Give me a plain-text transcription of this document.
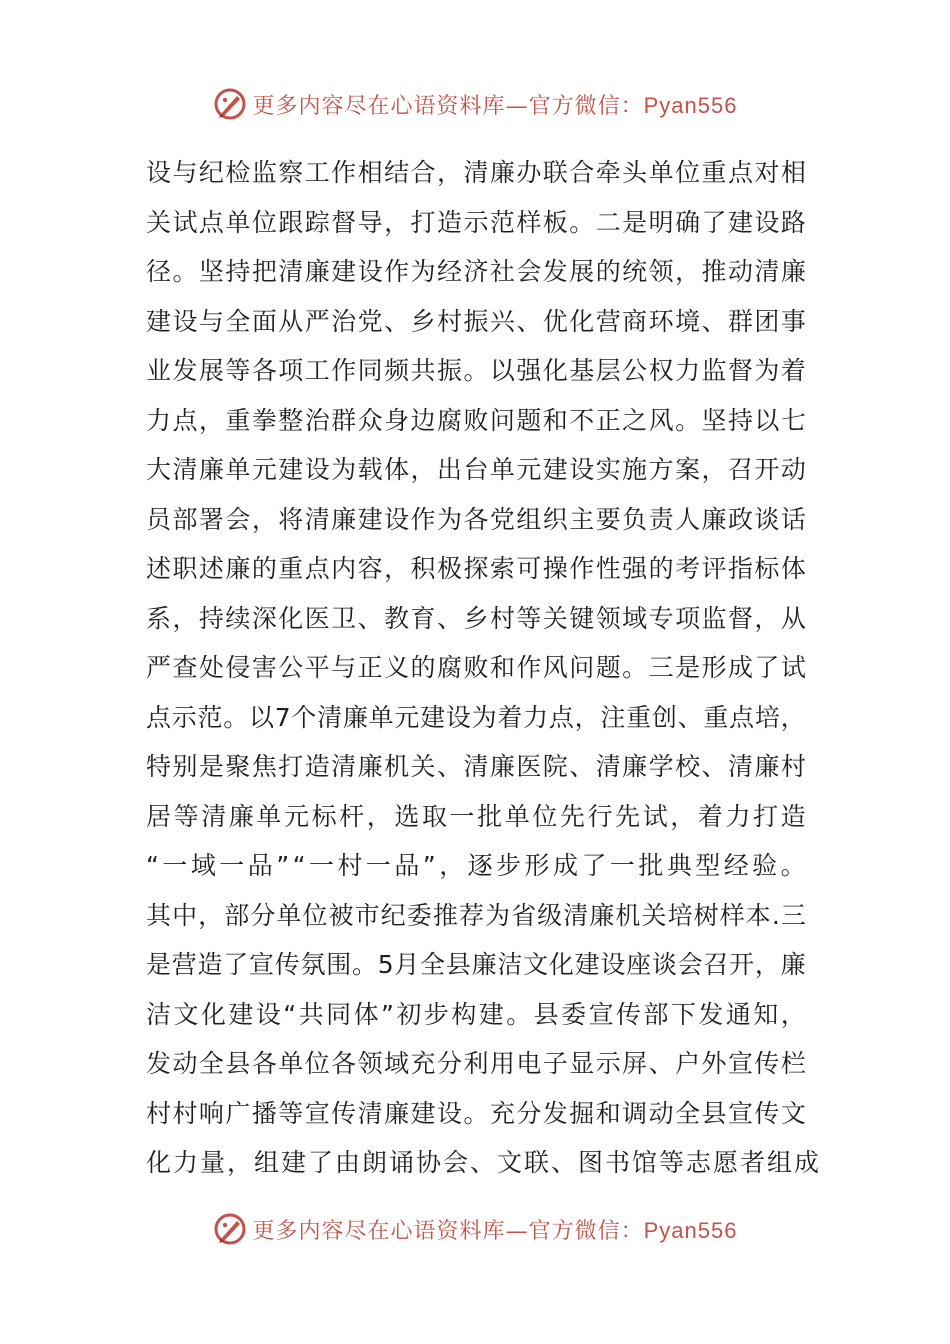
更多内容尽在心语资料库—官方微信：Pyan556
设 与 纪 检 监 察 工 作 相 结 合 ， 清 廉 办 联 合 牵 头 单 位 重 点 对 相
关 试 点 单 位 跟 踪 督 导 ， 打 造 示 范 样 板 。 二 是 明 确 了 建 设 路
径 。 坚 持 把 清 廉 建 设 作 为 经 济 社 会 发 展 的 统 领 ， 推 动 清 廉
建 设 与 全 面 从 严 治 党 、 乡 村 振 兴 、 优 化 营 商 环 境 、 群 团 事
业 发 展 等 各 项 工 作 同 频 共 振 。 以 强 化 基 层 公 权 力 监 督 为 着
力 点 ， 重 拳 整 治 群 众 身 边 腐 败 问 题 和 不 正 之 风 。 坚 持 以 七
大 清 廉 单 元 建 设 为 载 体 ， 出 台 单 元 建 设 实 施 方 案 ， 召 开 动
员 部 署 会 ， 将 清 廉 建 设 作 为 各 党 组 织 主 要 负 责 人 廉 政 谈 话
述 职 述 廉 的 重 点 内 容 ， 积 极 探 索 可 操 作 性 强 的 考 评 指 标 体
系 ， 持 续 深 化 医 卫 、 教 育 、 乡 村 等 关 键 领 域 专 项 监 督 ， 从
严 查 处 侵 害 公 平 与 正 义 的 腐 败 和 作 风 问 题 。 三 是 形 成 了 试
点 示 范 。 以 7 个 清 廉 单 元 建 设 为 着 力 点 ， 注 重 创 、 重 点 培 ，
特 别 是 聚 焦 打 造 清 廉 机 关 、 清 廉 医 院 、 清 廉 学 校 、 清 廉 村
居 等 清 廉 单 元 标 杆 ， 选 取 一 批 单 位 先 行 先 试 ， 着 力 打 造
“ 一 域 一 品 ” “ 一 村 一 品 ” ， 逐 步 形 成 了 一 批 典 型 经 验 。
其 中 ， 部 分 单 位 被 市 纪 委 推 荐 为 省 级 清 廉 机 关 培 树 样 本 . 三
是 营 造 了 宣 传 氛 围 。 5 月 全 县 廉 洁 文 化 建 设 座 谈 会 召 开 ， 廉
洁 文 化 建 设 “ 共 同 体 ” 初 步 构 建 。 县 委 宣 传 部 下 发 通 知 ，
发 动 全 县 各 单 位 各 领 域 充 分 利 用 电 子 显 示 屏 、 户 外 宣 传 栏
村 村 响 广 播 等 宣 传 清 廉 建 设 。 充 分 发 掘 和 调 动 全 县 宣 传 文
化力量，组建了由朗诵协会、文联、图书馆等志愿者组成
更多内容尽在心语资料库—官方微信：Pyan556
